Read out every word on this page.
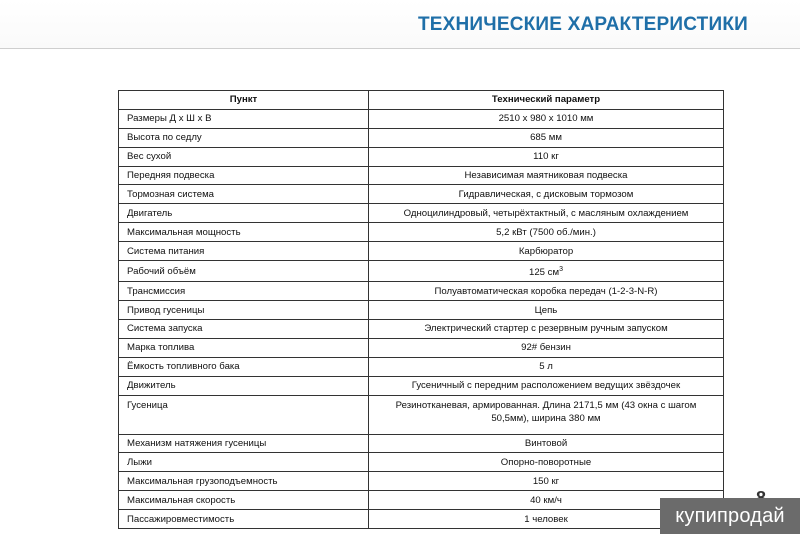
ТЕХНИЧЕСКИЕ ХАРАКТЕРИСТИКИ
Пункт	Технический параметр
Размеры Д х Ш х В	2510 х 980 х 1010 мм
Высота по седлу	685 мм
Вес сухой	110 кг
Передняя подвеска	Независимая маятниковая подвеска
Тормозная система	Гидравлическая, с дисковым тормозом
Двигатель	Одноцилиндровый, четырёхтактный, с масляным охлаждением
Максимальная мощность	5,2 кВт (7500 об./мин.)
Система питания	Карбюратор
Рабочий объём	125 $см^3$
Трансмиссия	Полуавтоматическая коробка передач (1-2-3-N-R)
Привод гусеницы	Цепь
Система запуска	Электрический стартер с резервным ручным запуском
Марка топлива	92# бензин
Ёмкость топливного бака	5 л
Движитель	Гусеничный с передним расположением ведущих звёздочек
Гусеница	Резинотканевая, армированная. Длина 2171,5 мм (43 окна с шагом 50,5мм), ширина 380 мм
Механизм натяжения гусеницы	Винтовой
Лыжи	Опорно-поворотные
Максимальная грузоподъемность	150 кг
Максимальная скорость	40 км/ч
Пассажировместимость	1 человек	купипродай
